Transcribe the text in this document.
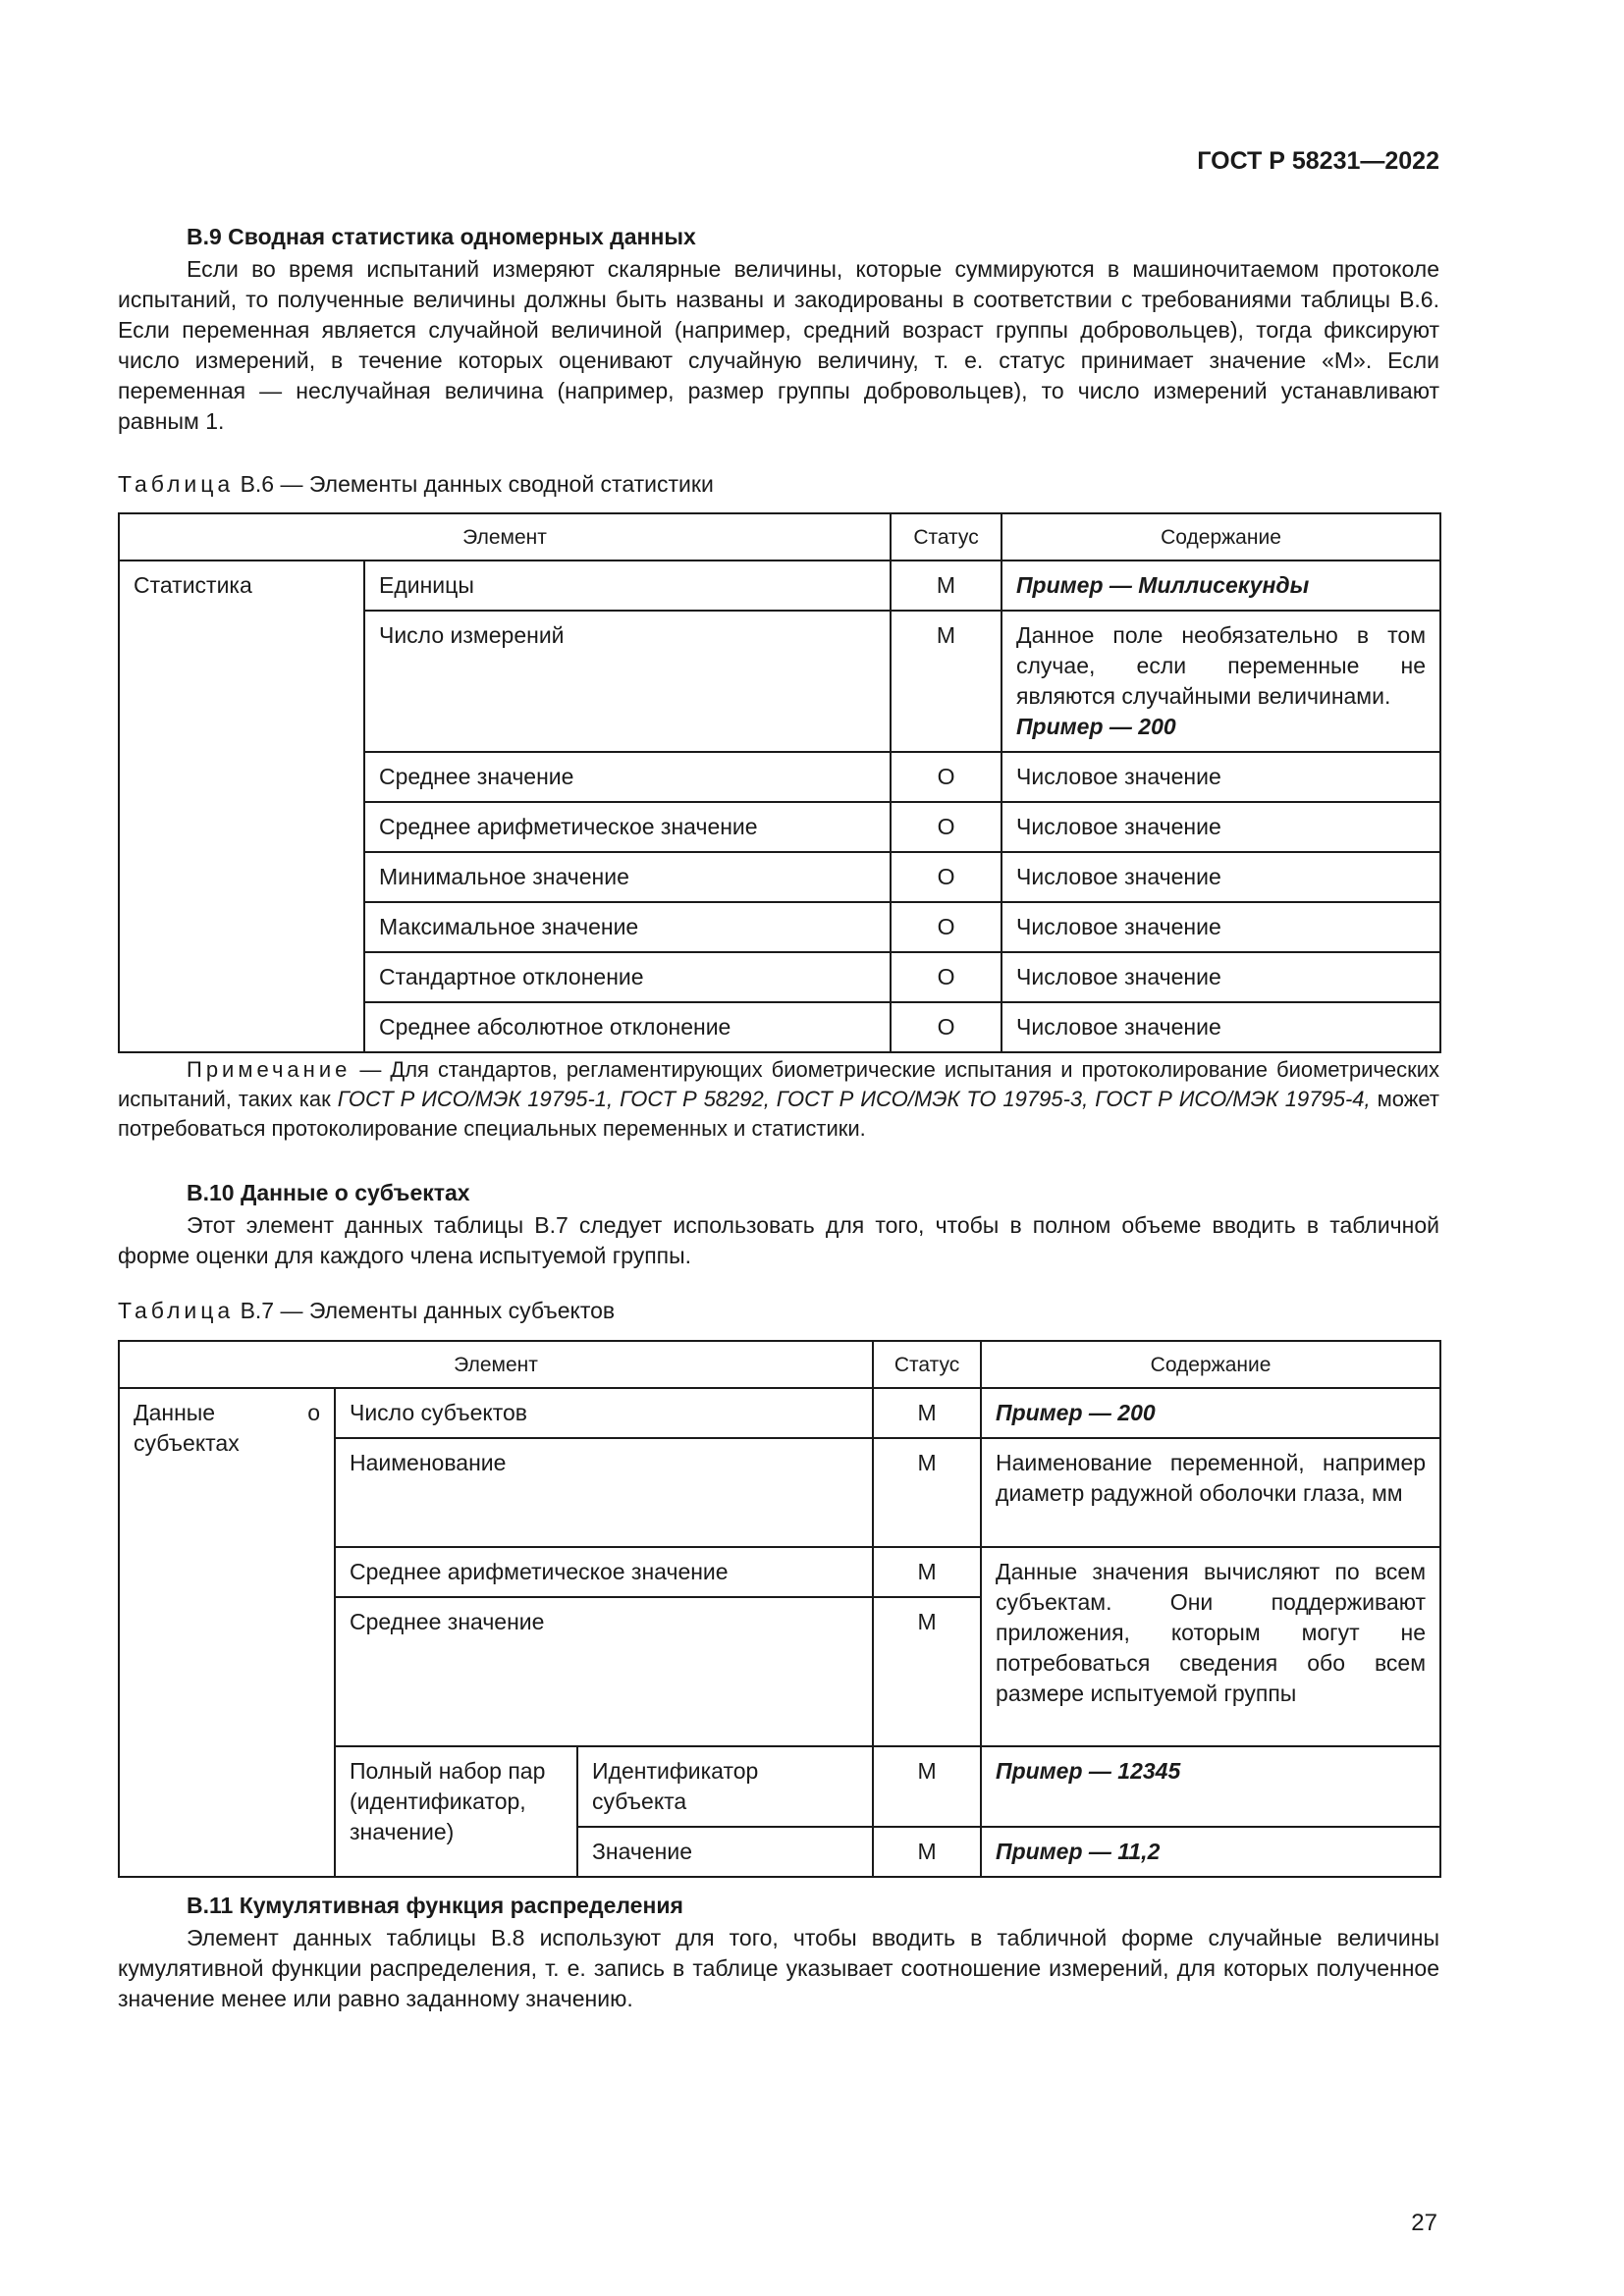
ГОСТ Р 58231—2022
В.9 Сводная статистика одномерных данных

Если во время испытаний измеряют скалярные величины, которые суммируются в машиночитаемом протоколе испытаний, то полученные величины должны быть названы и закодированы в соответствии с требованиями таблицы В.6. Если переменная является случайной величиной (например, средний возраст группы добровольцев), тогда фиксируют число измерений, в течение которых оценивают случайную величину, т. е. статус принимает значение «М». Если переменная — неслучайная величина (например, размер группы добровольцев), то число измерений устанавливают равным 1.

Таблица В.6 — Элементы данных сводной статистики
Элемент		Статус	Содержание
Статистика	Единицы	М	Пример — Миллисекунды
	Число измерений	М	Данное поле необязательно в том случае, если переменные не являются случайными величинами.
Пример — 200
	Среднее значение	О	Числовое значение
	Среднее арифметическое значение	О	Числовое значение
	Минимальное значение	О	Числовое значение
	Максимальное значение	О	Числовое значение
	Стандартное отклонение	О	Числовое значение
	Среднее абсолютное отклонение	О	Числовое значение

Примечание — Для стандартов, регламентирующих биометрические испытания и протоколирование биометрических испытаний, таких как ГОСТ Р ИСО/МЭК 19795-1, ГОСТ Р 58292, ГОСТ Р ИСО/МЭК ТО 19795-3, ГОСТ Р ИСО/МЭК 19795-4, может потребоваться протоколирование специальных переменных и статистики.

В.10 Данные о субъектах

Этот элемент данных таблицы В.7 следует использовать для того, чтобы в полном объеме вводить в табличной форме оценки для каждого члена испытуемой группы.

Таблица В.7 — Элементы данных субъектов
Элемент			Статус	Содержание
Данные о субъектах	Число субъектов		М	Пример — 200
	Наименование		М	Наименование переменной, например диаметр радужной оболочки глаза, мм
	Среднее арифметическое значение		М	Данные значения вычисляют по всем субъектам. Они поддерживают приложения, которым могут не потребоваться сведения обо всем размере испытуемой группы
	Среднее значение		М	
	Полный набор пар (идентификатор, значение)	Идентификатор субъекта	М	Пример — 12345
		Значение	М	Пример — 11,2
В.11 Кумулятивная функция распределения

Элемент данных таблицы В.8 используют для того, чтобы вводить в табличной форме случайные величины кумулятивной функции распределения, т. е. запись в таблице указывает соотношение измерений, для которых полученное значение менее или равно заданному значению.

27
